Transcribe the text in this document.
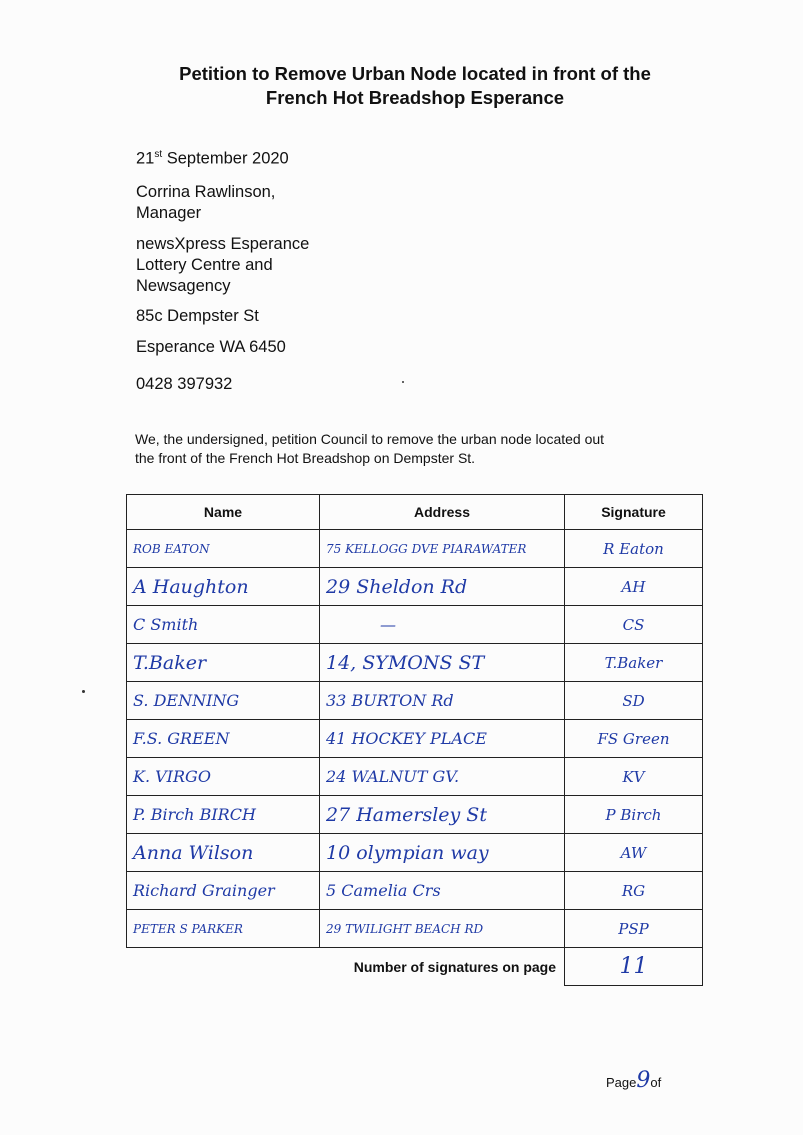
Petition to Remove Urban Node located in front of the
French Hot Breadshop Esperance
21st September 2020
Corrina Rawlinson,
Manager
newsXpress Esperance
Lottery Centre and
Newsagency
85c Dempster St
Esperance WA 6450
0428 397932
We, the undersigned, petition Council to remove the urban node located out
the front of the French Hot Breadshop on Dempster St.
Name	Address	Signature
ROB EATON	75 KELLOGG DVE PIARAWATER	R Eaton
A Haughton	29 Sheldon Rd	AH
C Smith	—	CS
T.Baker	14, SYMONS ST	T.Baker
S. DENNING	33 BURTON Rd	SD
F.S. GREEN	41 HOCKEY PLACE	FS Green
K. VIRGO	24 WALNUT GV.	KV
P. Birch BIRCH	27 Hamersley St	P Birch
Anna Wilson	10 olympian way	AW
Richard Grainger	5 Camelia Crs	RG
PETER S PARKER	29 TWILIGHT BEACH RD	PSP
Number of signatures on page		11
Page9of
